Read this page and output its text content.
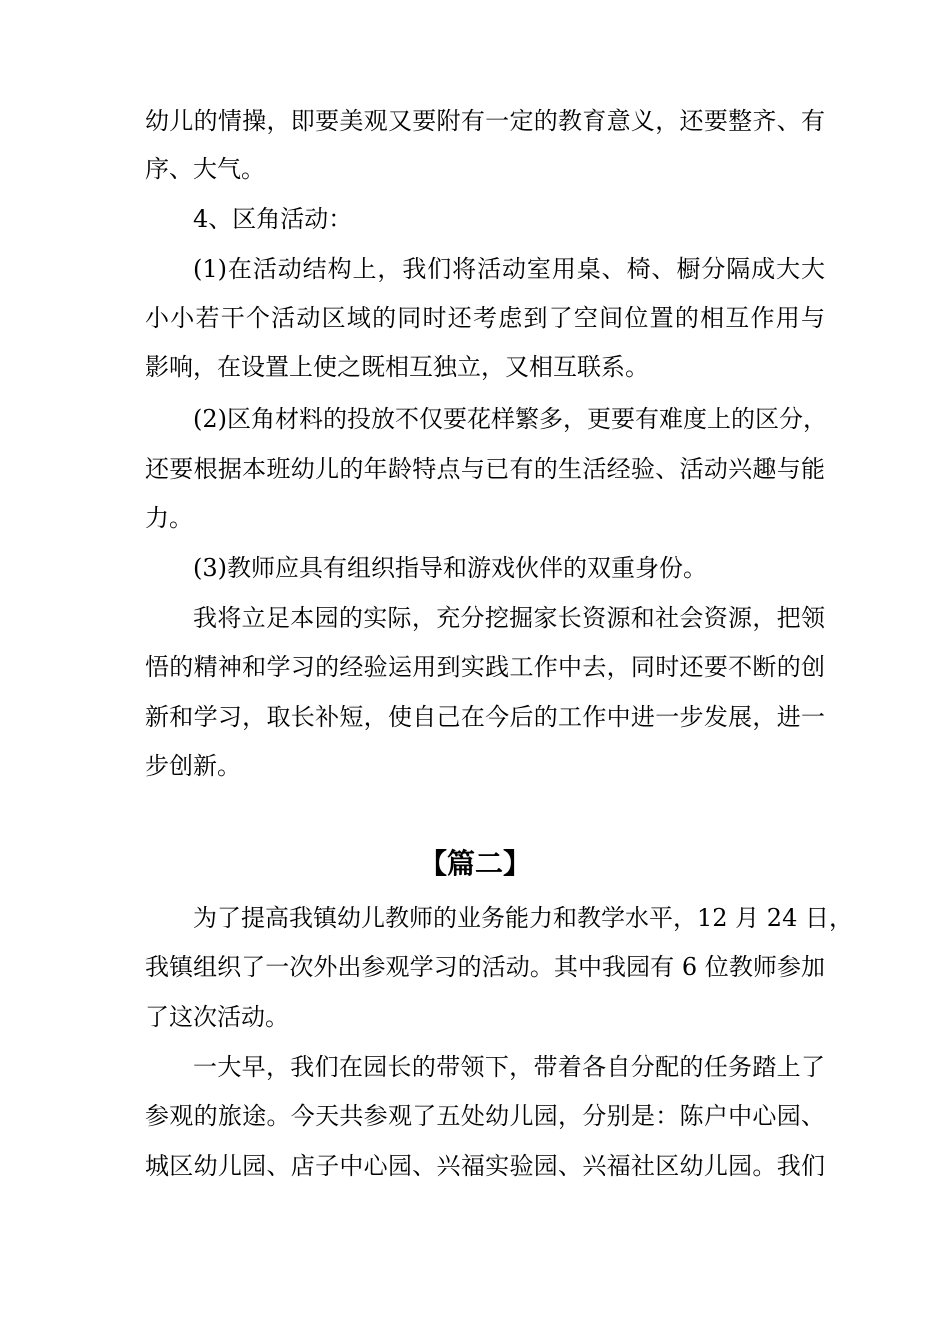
幼儿的情操，即要美观又要附有一定的教育意义，还要整齐、有
序、大气。
4、区角活动：
(1)在活动结构上，我们将活动室用桌、椅、橱分隔成大大
小小若干个活动区域的同时还考虑到了空间位置的相互作用与
影响，在设置上使之既相互独立，又相互联系。
(2)区角材料的投放不仅要花样繁多，更要有难度上的区分，
还要根据本班幼儿的年龄特点与已有的生活经验、活动兴趣与能
力。
(3)教师应具有组织指导和游戏伙伴的双重身份。
我将立足本园的实际，充分挖掘家长资源和社会资源，把领
悟的精神和学习的经验运用到实践工作中去，同时还要不断的创
新和学习，取长补短，使自己在今后的工作中进一步发展，进一
步创新。
【篇二】
为了提高我镇幼儿教师的业务能力和教学水平，12 月 24 日，
我镇组织了一次外出参观学习的活动。其中我园有 6 位教师参加
了这次活动。
一大早，我们在园长的带领下，带着各自分配的任务踏上了
参观的旅途。今天共参观了五处幼儿园，分别是：陈户中心园、
城区幼儿园、店子中心园、兴福实验园、兴福社区幼儿园。我们
